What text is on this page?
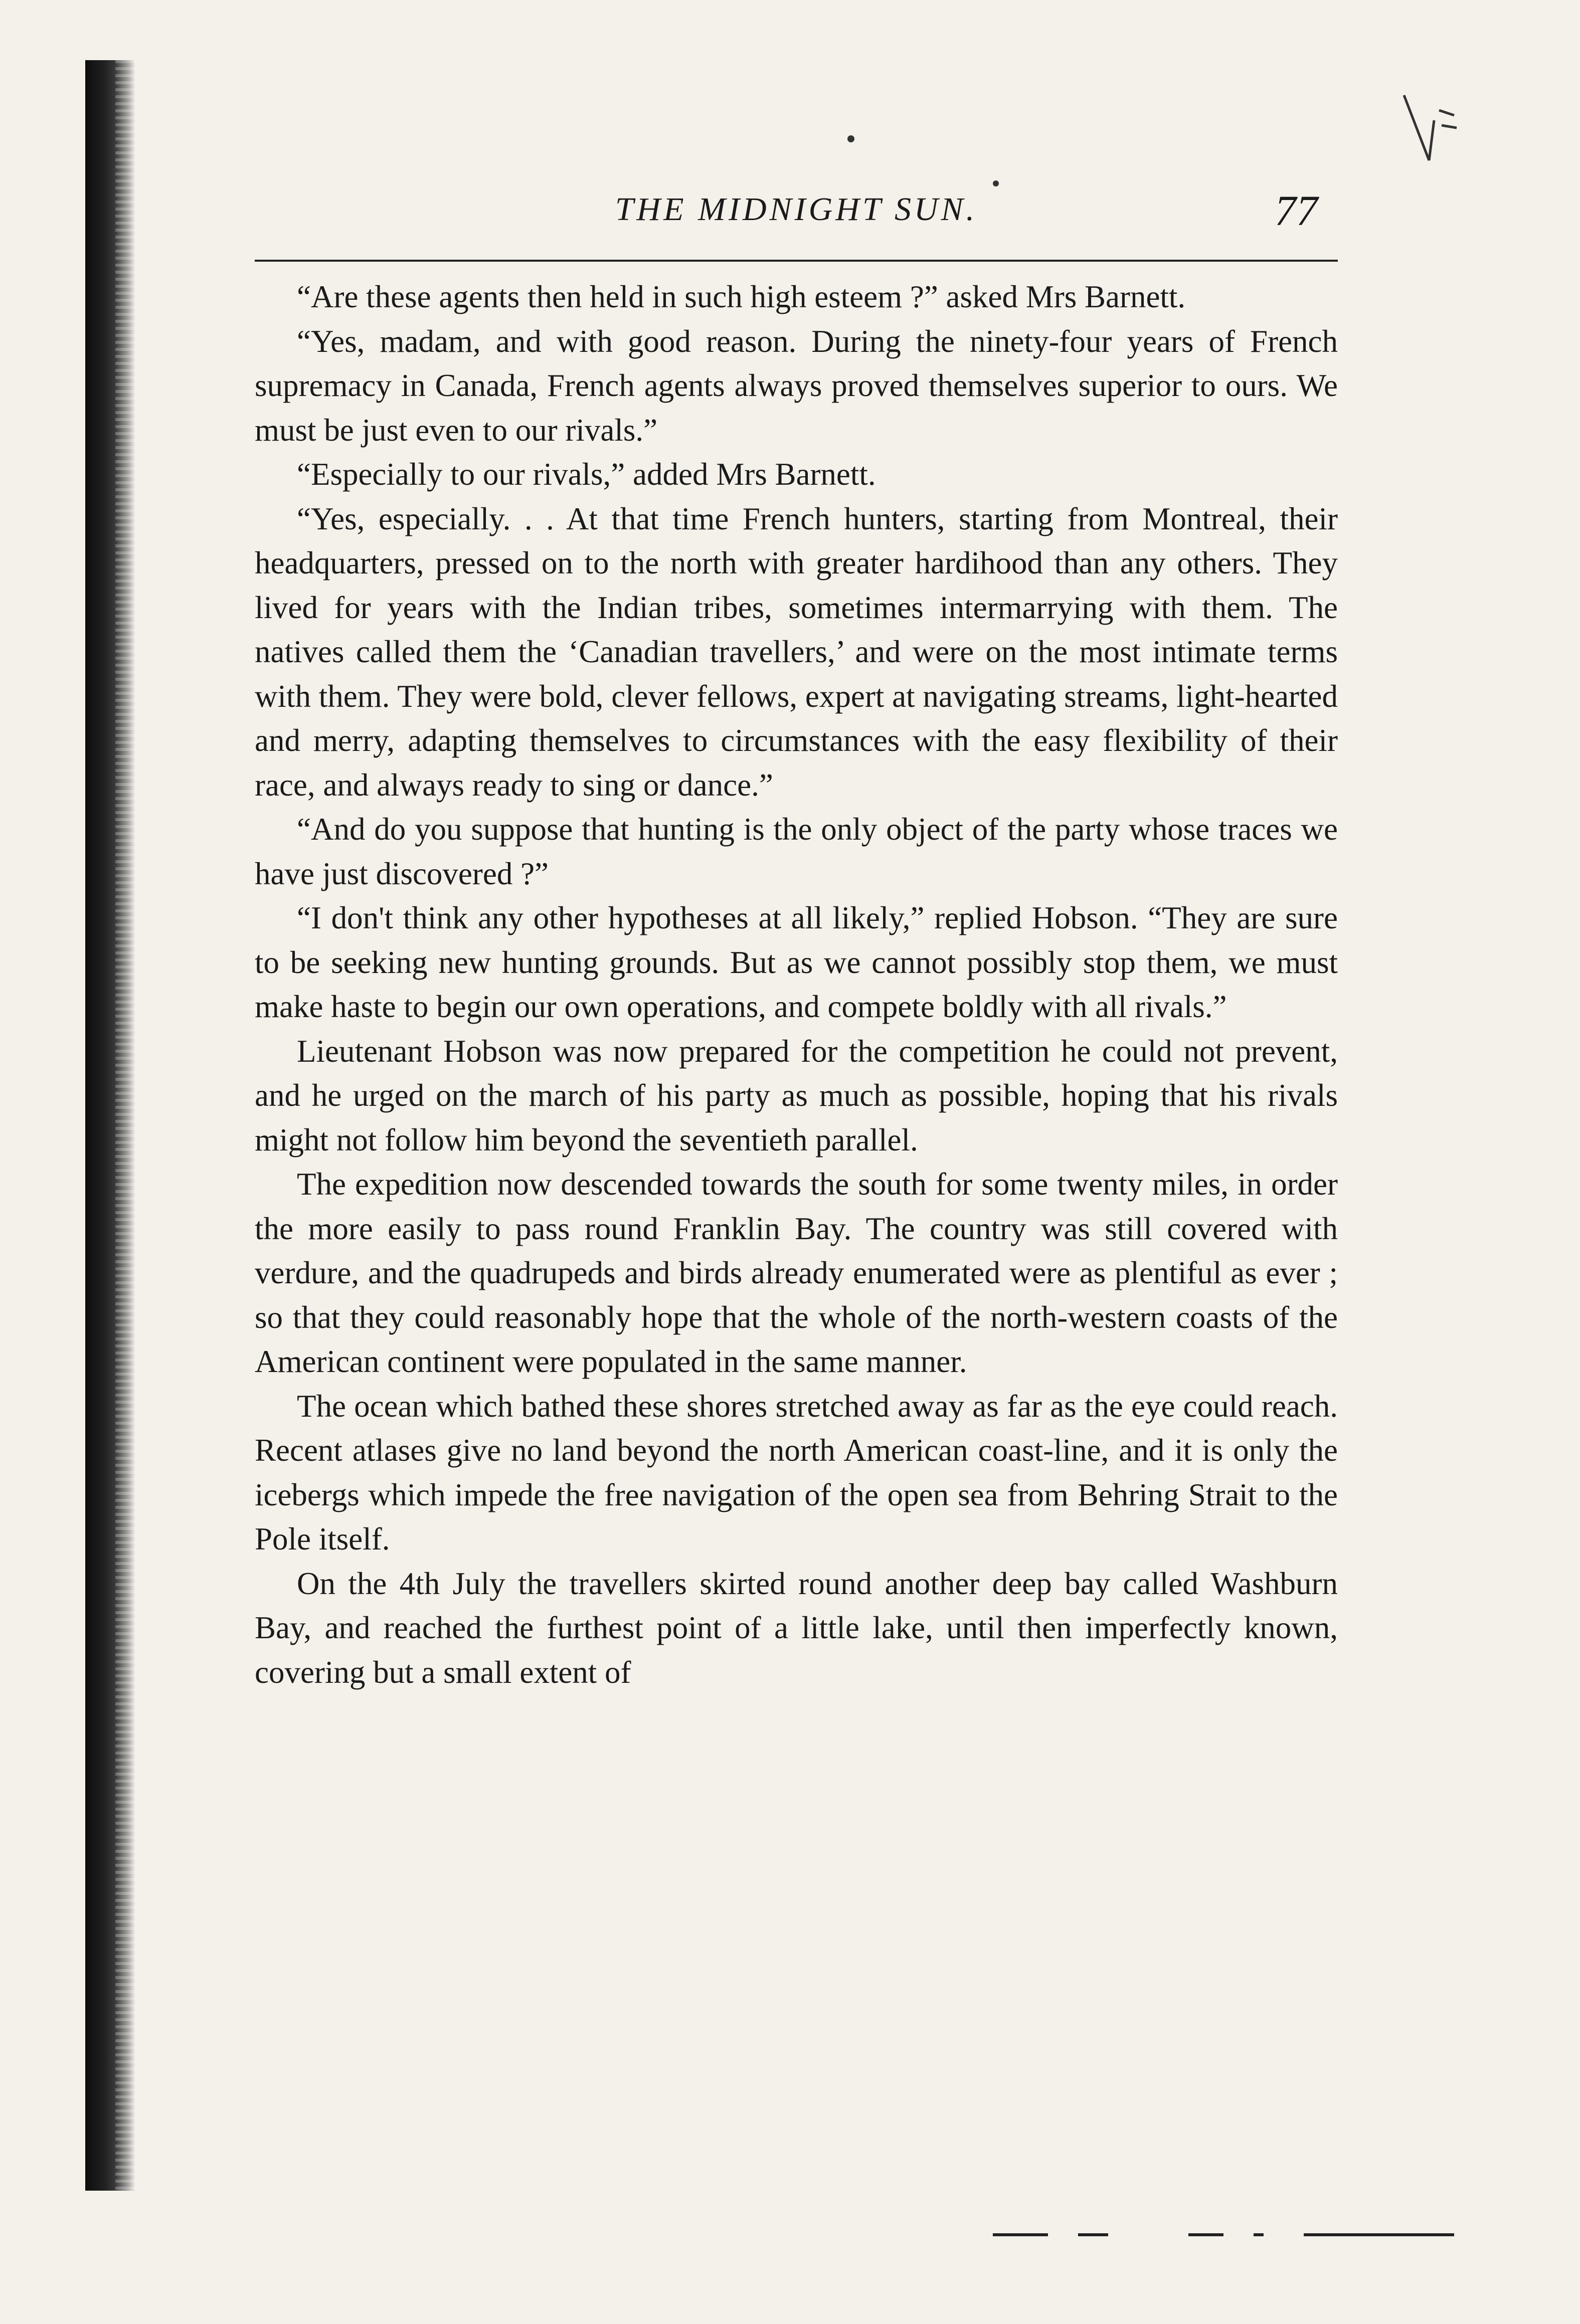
THE MIDNIGHT SUN.	77

“Are these agents then held in such high esteem ?” asked Mrs Barnett.

“Yes, madam, and with good reason. During the ninety-four years of French supremacy in Canada, French agents always proved themselves superior to ours. We must be just even to our rivals.”

“Especially to our rivals,” added Mrs Barnett.

“Yes, especially. . . At that time French hunters, starting from Montreal, their headquarters, pressed on to the north with greater hardihood than any others. They lived for years with the Indian tribes, sometimes intermarrying with them. The natives called them the ‘Canadian travellers,’ and were on the most intimate terms with them. They were bold, clever fellows, expert at navigating streams, light-hearted and merry, adapting themselves to circumstances with the easy flexibility of their race, and always ready to sing or dance.”

“And do you suppose that hunting is the only object of the party whose traces we have just discovered ?”

“I don't think any other hypotheses at all likely,” replied Hobson. “They are sure to be seeking new hunting grounds. But as we cannot possibly stop them, we must make haste to begin our own operations, and compete boldly with all rivals.”

Lieutenant Hobson was now prepared for the competition he could not prevent, and he urged on the march of his party as much as possible, hoping that his rivals might not follow him beyond the seventieth parallel.

The expedition now descended towards the south for some twenty miles, in order the more easily to pass round Franklin Bay. The country was still covered with verdure, and the quadrupeds and birds already enumerated were as plentiful as ever ; so that they could reasonably hope that the whole of the north-western coasts of the American continent were populated in the same manner.

The ocean which bathed these shores stretched away as far as the eye could reach. Recent atlases give no land beyond the north American coast-line, and it is only the icebergs which impede the free navigation of the open sea from Behring Strait to the Pole itself.

On the 4th July the travellers skirted round another deep bay called Washburn Bay, and reached the furthest point of a little lake, until then imperfectly known, covering but a small extent of
